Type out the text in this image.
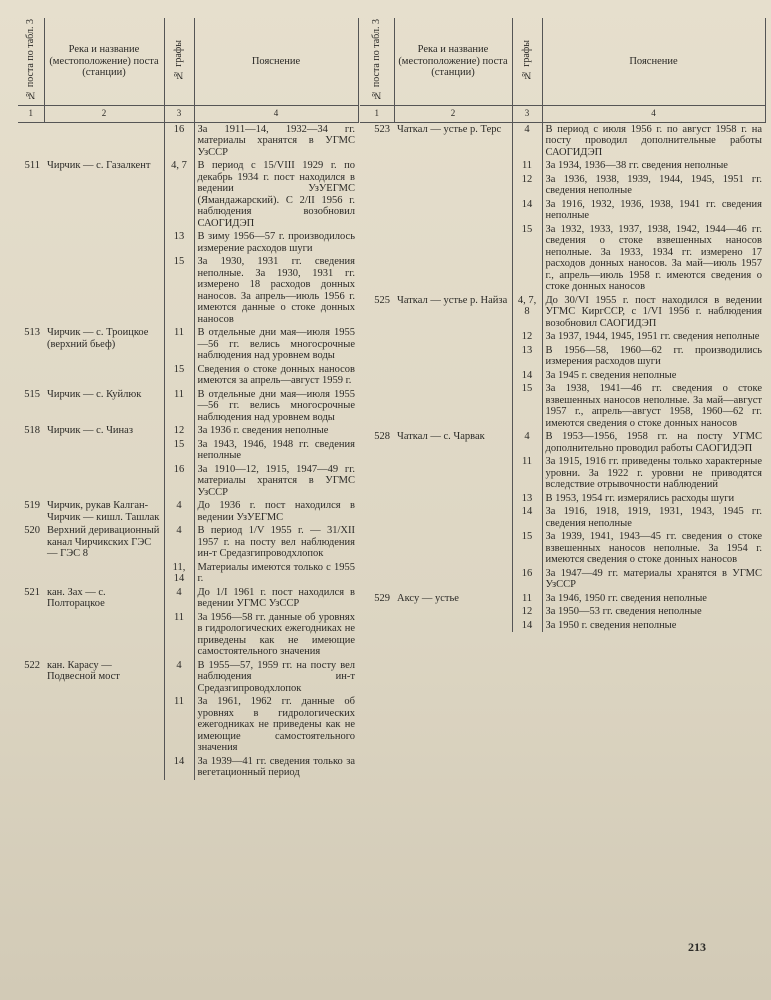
№ поста по табл. 3	Река и название (местоположение) поста (станции)	№ графы	Пояснение
1	2	3	4
		16	За 1911—14, 1932—34 гг. материалы хранятся в УГМС УзССР
511	Чирчик — с. Газалкент	4, 7	В период с 15/VIII 1929 г. по декабрь 1934 г. пост находился в ведении УзУЕГМС (Ямандажарский). С 2/II 1956 г. наблюдения возобновил САОГИДЭП
		13	В зиму 1956—57 г. производилось измерение расходов шуги
		15	За 1930, 1931 гг. сведения неполные. За 1930, 1931 гг. измерено 18 расходов донных наносов. За апрель—июль 1956 г. имеются данные о стоке донных наносов
513	Чирчик — с. Троицкое (верхний бьеф)	11	В отдельные дни мая—июля 1955—56 гг. велись многосрочные наблюдения над уровнем воды
		15	Сведения о стоке донных наносов имеются за апрель—август 1959 г.
515	Чирчик — с. Куйлюк	11	В отдельные дни мая—июля 1955—56 гг. велись многосрочные наблюдения над уровнем воды
518	Чирчик — с. Чиназ	12	За 1936 г. сведения неполные
		15	За 1943, 1946, 1948 гг. сведения неполные
		16	За 1910—12, 1915, 1947—49 гг. материалы хранятся в УГМС УзССР
519	Чирчик, рукав Калган-Чирчик — кишл. Ташлак	4	До 1936 г. пост находился в ведении УзУЕГМС
520	Верхний деривационный канал Чирчикских ГЭС — ГЭС 8	4	В период 1/V 1955 г. — 31/XII 1957 г. на посту вел наблюдения ин-т Средазгипроводхлопок
		11, 14	Материалы имеются только с 1955 г.
521	кан. Зах — с. Полторацкое	4	До 1/I 1961 г. пост находился в ведении УГМС УзССР
		11	За 1956—58 гг. данные об уровнях в гидрологических ежегодниках не приведены как не имеющие самостоятельного значения
522	кан. Карасу — Подвесной мост	4	В 1955—57, 1959 гг. на посту вел наблюдения ин-т Средазгипроводхлопок
		11	За 1961, 1962 гг. данные об уровнях в гидрологических ежегодниках не приведены как не имеющие самостоятельного значения
		14	За 1939—41 гг. сведения только за вегетационный период
№ поста по табл. 3	Река и название (местоположение) поста (станции)	№ графы	Пояснение
1	2	3	4
523	Чаткал — устье р. Терс	4	В период с июля 1956 г. по август 1958 г. на посту проводил дополнительные работы САОГИДЭП
		11	За 1934, 1936—38 гг. сведения неполные
		12	За 1936, 1938, 1939, 1944, 1945, 1951 гг. сведения неполные
		14	За 1916, 1932, 1936, 1938, 1941 гг. сведения неполные
		15	За 1932, 1933, 1937, 1938, 1942, 1944—46 гг. сведения о стоке взвешенных наносов неполные. За 1933, 1934 гг. измерено 17 расходов донных наносов. За май—июль 1957 г., апрель—июль 1958 г. имеются сведения о стоке донных наносов
525	Чаткал — устье р. Найза	4, 7, 8	До 30/VI 1955 г. пост находился в ведении УГМС КиргССР, с 1/VI 1956 г. наблюдения возобновил САОГИДЭП
		12	За 1937, 1944, 1945, 1951 гг. сведения неполные
		13	В 1956—58, 1960—62 гг. производились измерения расходов шуги
		14	За 1945 г. сведения неполные
		15	За 1938, 1941—46 гг. сведения о стоке взвешенных наносов неполные. За май—август 1957 г., апрель—август 1958, 1960—62 гг. имеются сведения о стоке донных наносов
528	Чаткал — с. Чарвак	4	В 1953—1956, 1958 гг. на посту УГМС дополнительно проводил работы САОГИДЭП
		11	За 1915, 1916 гг. приведены только характерные уровни. За 1922 г. уровни не приводятся вследствие отрывочности наблюдений
		13	В 1953, 1954 гг. измерялись расходы шуги
		14	За 1916, 1918, 1919, 1931, 1943, 1945 гг. сведения неполные
		15	За 1939, 1941, 1943—45 гг. сведения о стоке взвешенных наносов неполные. За 1954 г. имеются сведения о стоке донных наносов
		16	За 1947—49 гг. материалы хранятся в УГМС УзССР
529	Аксу — устье	11	За 1946, 1950 гг. сведения неполные
		12	За 1950—53 гг. сведения неполные
		14	За 1950 г. сведения неполные
213
